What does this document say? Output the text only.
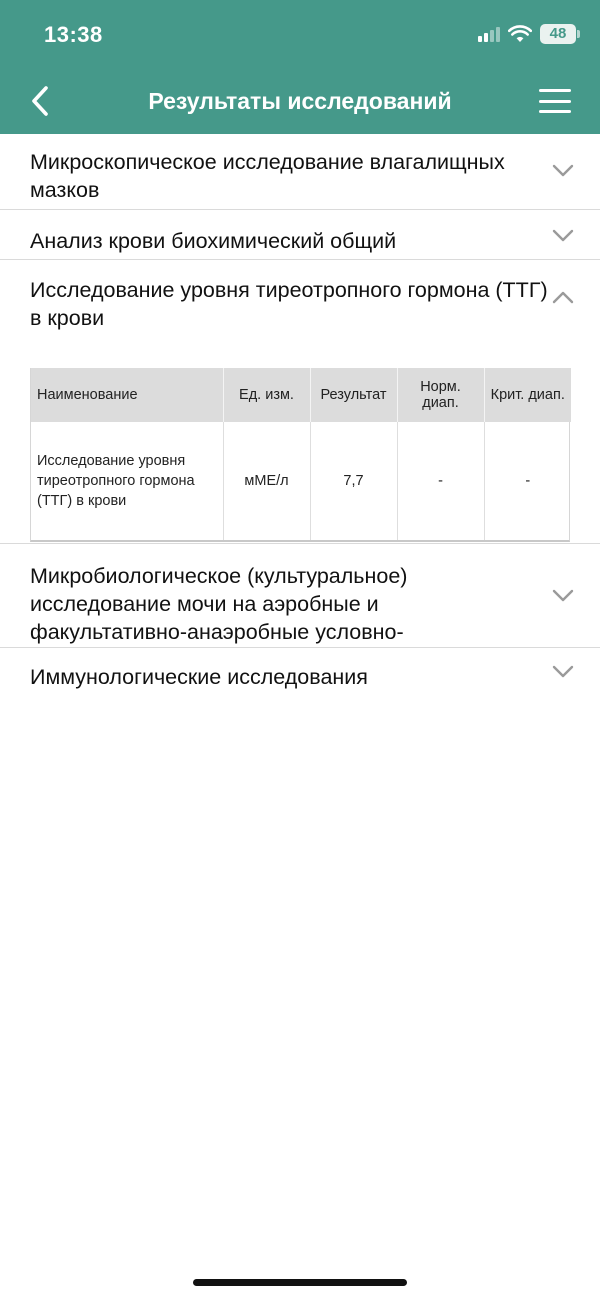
13:38	48
Результаты исследований
Микроскопическое исследование влагалищных мазков
Анализ крови биохимический общий
Исследование уровня тиреотропного гормона (ТТГ) в крови
Наименование	Ед. изм.	Результат	Норм. диап.	Крит. диап.
Исследование уровня тиреотропного гормона (ТТГ) в крови	мМЕ/л	7,7	-	-
Микробиологическое (культуральное) исследование мочи на аэробные и факультативно-анаэробные условно-
Иммунологические исследования
